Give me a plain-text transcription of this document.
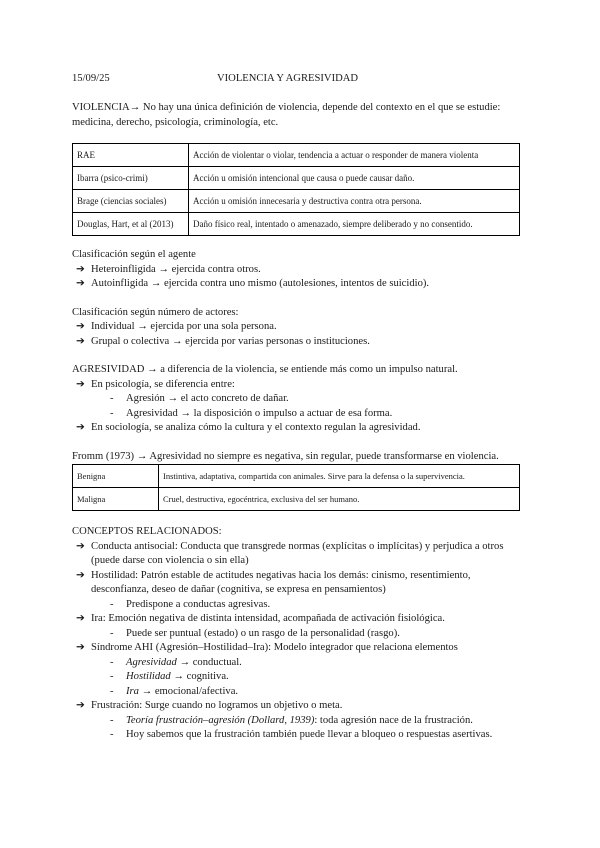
15/09/25	VIOLENCIA Y AGRESIVIDAD

VIOLENCIA→ No hay una única definición de violencia, depende del contexto en el que se estudie: medicina, derecho, psicología, criminología, etc.

RAE	Acción de violentar o violar, tendencia a actuar o responder de manera violenta
Ibarra (psico-crimi)	Acción u omisión intencional que causa o puede causar daño.
Brage (ciencias sociales)	Acción u omisión innecesaria y destructiva contra otra persona.
Douglas, Hart, et al (2013)	Daño físico real, intentado o amenazado, siempre deliberado y no consentido.

Clasificación según el agente

➔ Heteroinfligida → ejercida contra otros.
➔ Autoinfligida → ejercida contra uno mismo (autolesiones, intentos de suicidio).

Clasificación según número de actores:

➔ Individual → ejercida por una sola persona.
➔ Grupal o colectiva → ejercida por varias personas o instituciones.

AGRESIVIDAD → a diferencia de la violencia, se entiende más como un impulso natural.

➔ En psicología, se diferencia entre:
- Agresión → el acto concreto de dañar.
- Agresividad → la disposición o impulso a actuar de esa forma.
➔ En sociología, se analiza cómo la cultura y el contexto regulan la agresividad.

Fromm (1973) → Agresividad no siempre es negativa, sin regular, puede transformarse en violencia.

Benigna	Instintiva, adaptativa, compartida con animales. Sirve para la defensa o la supervivencia.
Maligna	Cruel, destructiva, egocéntrica, exclusiva del ser humano.

CONCEPTOS RELACIONADOS:

➔ Conducta antisocial: Conducta que transgrede normas (explícitas o implícitas) y perjudica a otros (puede darse con violencia o sin ella)
➔ Hostilidad: Patrón estable de actitudes negativas hacia los demás: cinismo, resentimiento, desconfianza, deseo de dañar (cognitiva, se expresa en pensamientos)
- Predispone a conductas agresivas.
➔ Ira: Emoción negativa de distinta intensidad, acompañada de activación fisiológica.
- Puede ser puntual (estado) o un rasgo de la personalidad (rasgo).
➔ Síndrome AHI (Agresión–Hostilidad–Ira): Modelo integrador que relaciona elementos
- Agresividad → conductual.
- Hostilidad → cognitiva.
- Ira → emocional/afectiva.
➔ Frustración: Surge cuando no logramos un objetivo o meta.
- Teoría frustración–agresión (Dollard, 1939): toda agresión nace de la frustración.
- Hoy sabemos que la frustración también puede llevar a bloqueo o respuestas asertivas.
